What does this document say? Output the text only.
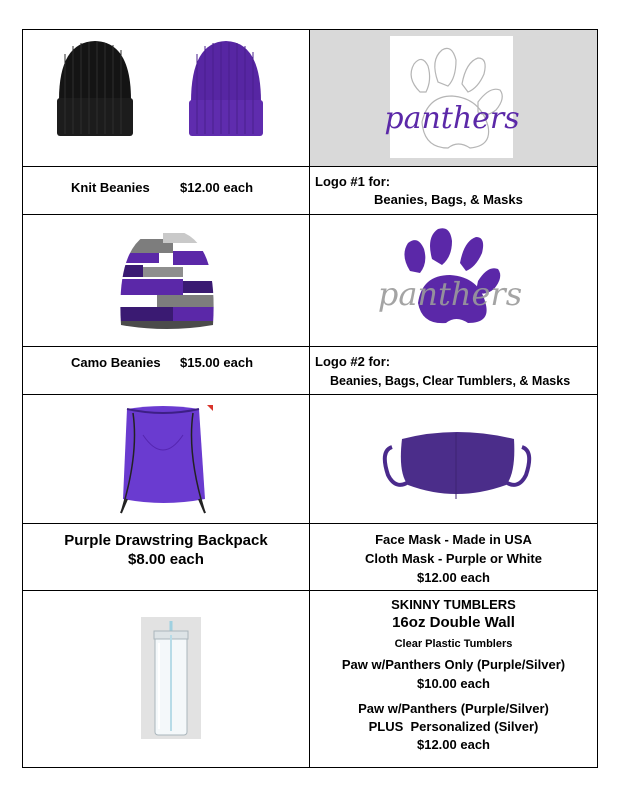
panthers
Knit Beanies $12.00 each	Logo #1 for:
Beanies, Bags, & Masks
panthers
Camo Beanies $15.00 each	Logo #2 for:
Beanies, Bags, Clear Tumblers, & Masks
Purple Drawstring Backpack
$8.00 each
Face Mask - Made in USA
Cloth Mask - Purple or White
$12.00 each
SKINNY TUMBLERS
16oz Double Wall
Clear Plastic Tumblers
Paw w/Panthers Only (Purple/Silver)
$10.00 each
Paw w/Panthers (Purple/Silver)
PLUS  Personalized (Silver)
$12.00 each
